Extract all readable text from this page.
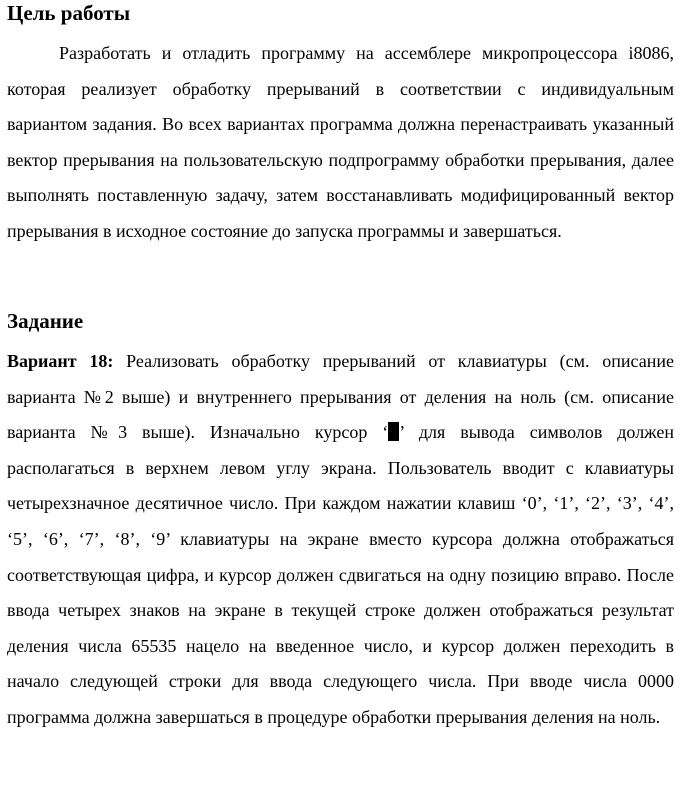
Цель работы

Разработать и отладить программу на ассемблере микропроцессора i8086, которая реализует обработку прерываний в соответствии с индивидуальным вариантом задания. Во всех вариантах программа должна перенастраивать указанный вектор прерывания на пользовательскую подпрограмму обработки прерывания, далее выполнять поставленную задачу, затем восстанавливать модифицированный вектор прерывания в исходное состояние до запуска программы и завершаться.

Задание

Вариант 18: Реализовать обработку прерываний от клавиатуры (см. описание варианта №2 выше) и внутреннего прерывания от деления на ноль (см. описание варианта №3 выше). Изначально курсор ‘ ’ для вывода символов должен располагаться в верхнем левом углу экрана. Пользователь вводит с клавиатуры четырехзначное десятичное число. При каждом нажатии клавиш ‘0’, ‘1’, ‘2’, ‘3’, ‘4’, ‘5’, ‘6’, ‘7’, ‘8’, ‘9’ клавиатуры на экране вместо курсора должна отображаться соответствующая цифра, и курсор должен сдвигаться на одну позицию вправо. После ввода четырех знаков на экране в текущей строке должен отображаться результат деления числа 65535 нацело на введенное число, и курсор должен переходить в начало следующей строки для ввода следующего числа. При вводе числа 0000 программа должна завершаться в процедуре обработки прерывания деления на ноль.
